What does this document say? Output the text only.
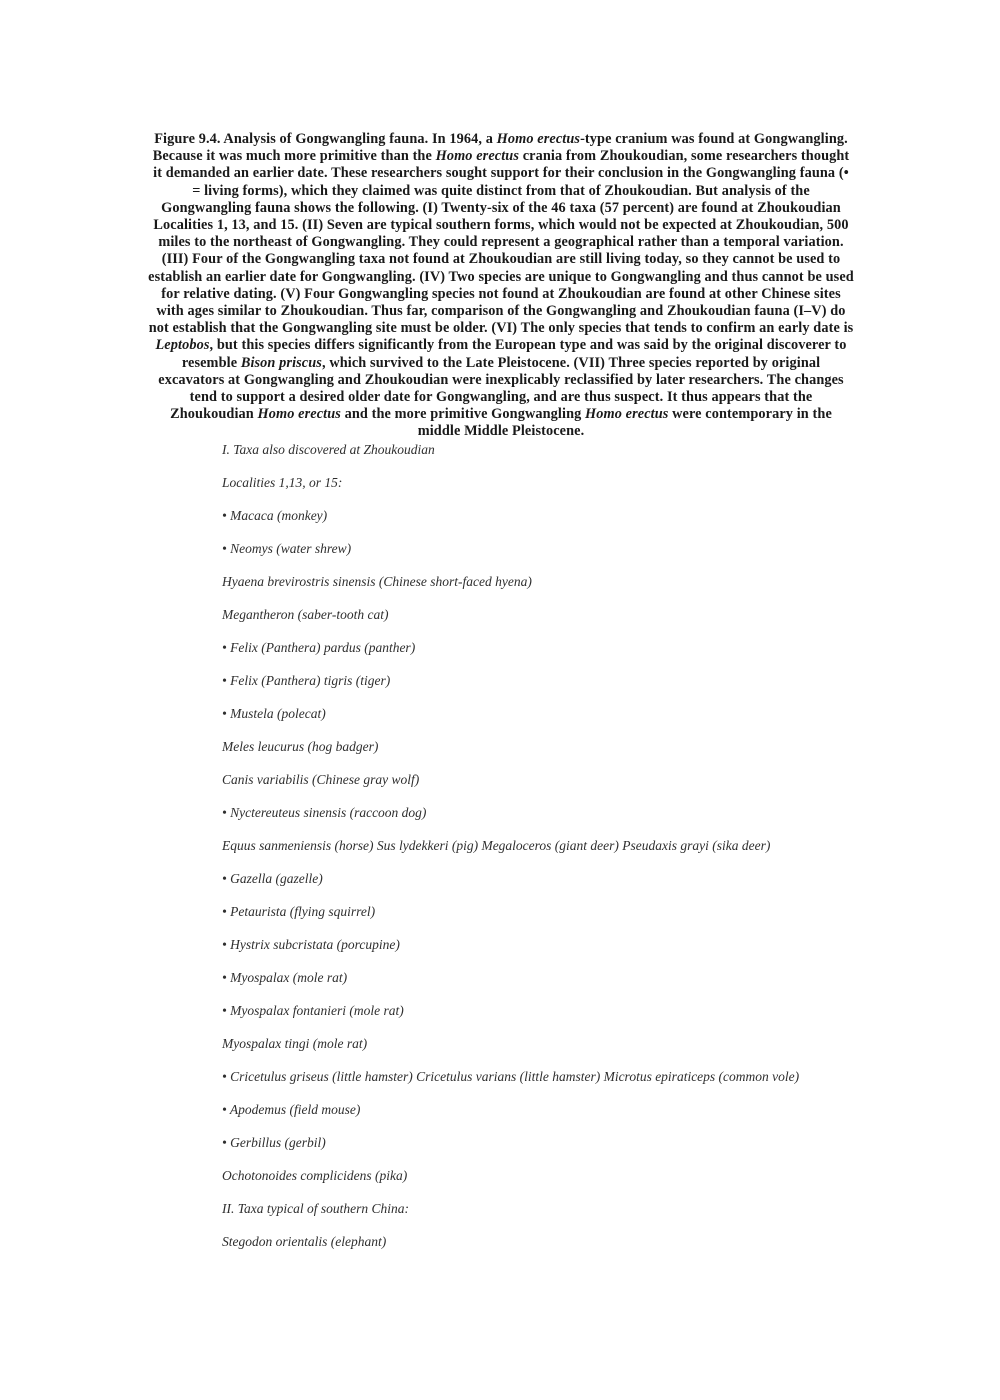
Figure 9.4. Analysis of Gongwangling fauna. In 1964, a Homo erectus-type cranium was found at Gongwangling. Because it was much more primitive than the Homo erectus crania from Zhoukoudian, some researchers thought it demanded an earlier date. These researchers sought support for their conclusion in the Gongwangling fauna (• = living forms), which they claimed was quite distinct from that of Zhoukoudian. But analysis of the Gongwangling fauna shows the following. (I) Twenty-six of the 46 taxa (57 percent) are found at Zhoukoudian Localities 1, 13, and 15. (II) Seven are typical southern forms, which would not be expected at Zhoukoudian, 500 miles to the northeast of Gongwangling. They could represent a geographical rather than a temporal variation. (III) Four of the Gongwangling taxa not found at Zhoukoudian are still living today, so they cannot be used to establish an earlier date for Gongwangling. (IV) Two species are unique to Gongwangling and thus cannot be used for relative dating. (V) Four Gongwangling species not found at Zhoukoudian are found at other Chinese sites with ages similar to Zhoukoudian. Thus far, comparison of the Gongwangling and Zhoukoudian fauna (I–V) do not establish that the Gongwangling site must be older. (VI) The only species that tends to confirm an early date is Leptobos, but this species differs significantly from the European type and was said by the original discoverer to resemble Bison priscus, which survived to the Late Pleistocene. (VII) Three species reported by original excavators at Gongwangling and Zhoukoudian were inexplicably reclassified by later researchers. The changes tend to support a desired older date for Gongwangling, and are thus suspect. It thus appears that the Zhoukoudian Homo erectus and the more primitive Gongwangling Homo erectus were contemporary in the middle Middle Pleistocene.

I. Taxa also discovered at Zhoukoudian
Localities 1,13, or 15:
• Macaca (monkey)
• Neomys (water shrew)
Hyaena brevirostris sinensis (Chinese short-faced hyena)
Megantheron (saber-tooth cat)
• Felix (Panthera) pardus (panther)
• Felix (Panthera) tigris (tiger)
• Mustela (polecat)
Meles leucurus (hog badger)
Canis variabilis (Chinese gray wolf)
• Nyctereuteus sinensis (raccoon dog)
Equus sanmeniensis (horse) Sus lydekkeri (pig) Megaloceros (giant deer) Pseudaxis grayi (sika deer)
• Gazella (gazelle)
• Petaurista (flying squirrel)
• Hystrix subcristata (porcupine)
• Myospalax (mole rat)
• Myospalax fontanieri (mole rat)
Myospalax tingi (mole rat)
• Cricetulus griseus (little hamster) Cricetulus varians (little hamster) Microtus epiraticeps (common vole)
• Apodemus (field mouse)
• Gerbillus (gerbil)
Ochotonoides complicidens (pika)
II. Taxa typical of southern China:
Stegodon orientalis (elephant)
